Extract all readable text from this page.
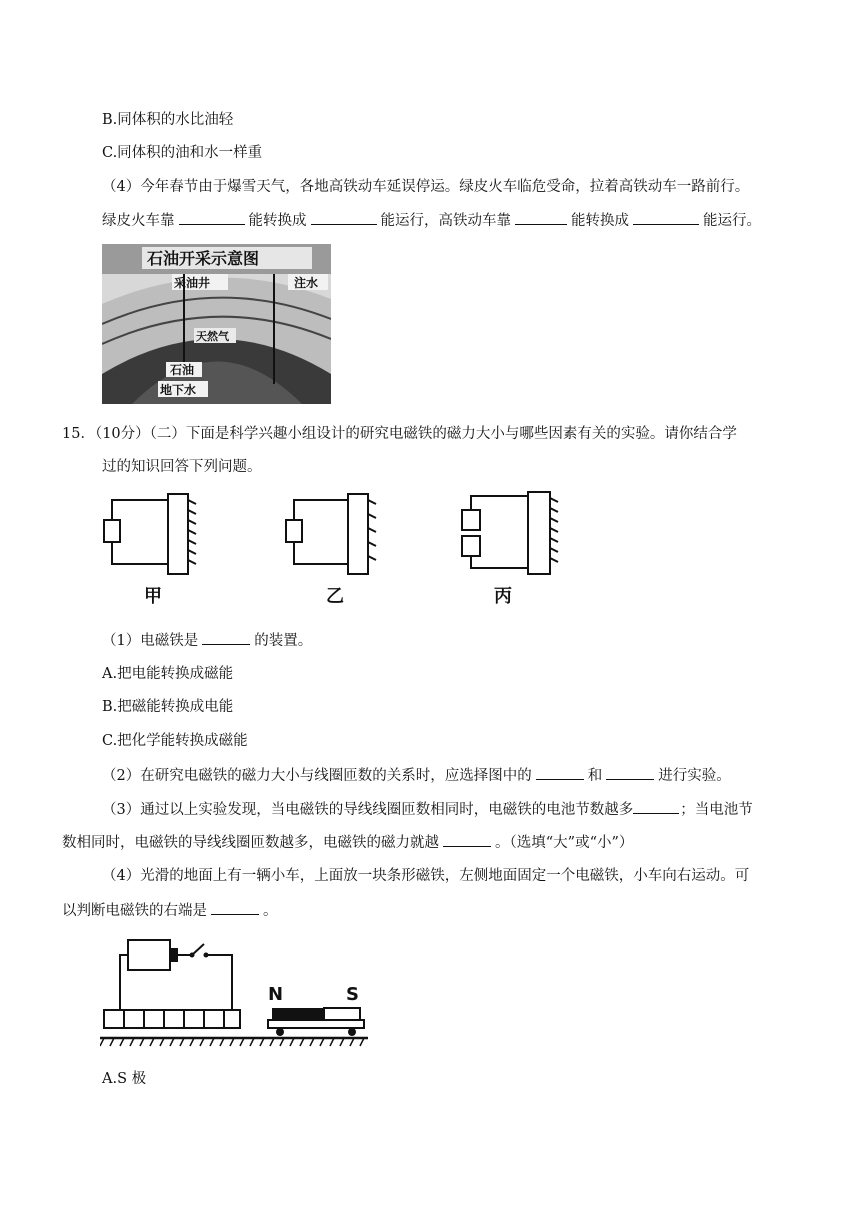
B.同体积的水比油轻
C.同体积的油和水一样重
（4）今年春节由于爆雪天气，各地高铁动车延误停运。绿皮火车临危受命，拉着高铁动车一路前行。
绿皮火车靠	能转换成	能运行，高铁动车靠	能转换成	能运行。
石油开采示意图
采油井	注水
天然气
石油
地下水
15．（10分）（二）下面是科学兴趣小组设计的研究电磁铁的磁力大小与哪些因素有关的实验。请你结合学
过的知识回答下列问题。
甲	乙	丙
（1）电磁铁是	的装置。
A.把电能转换成磁能
B.把磁能转换成电能
C.把化学能转换成磁能
（2）在研究电磁铁的磁力大小与线圈匝数的关系时，应选择图中的	和	进行实验。
（3）通过以上实验发现，当电磁铁的导线线圈匝数相同时，电磁铁的电池节数越多	；当电池节
数相同时，电磁铁的导线线圈匝数越多，电磁铁的磁力就越	。（选填“大”或“小”）
（4）光滑的地面上有一辆小车，上面放一块条形磁铁，左侧地面固定一个电磁铁，小车向右运动。可
以判断电磁铁的右端是	。
N	S
A.S 极
